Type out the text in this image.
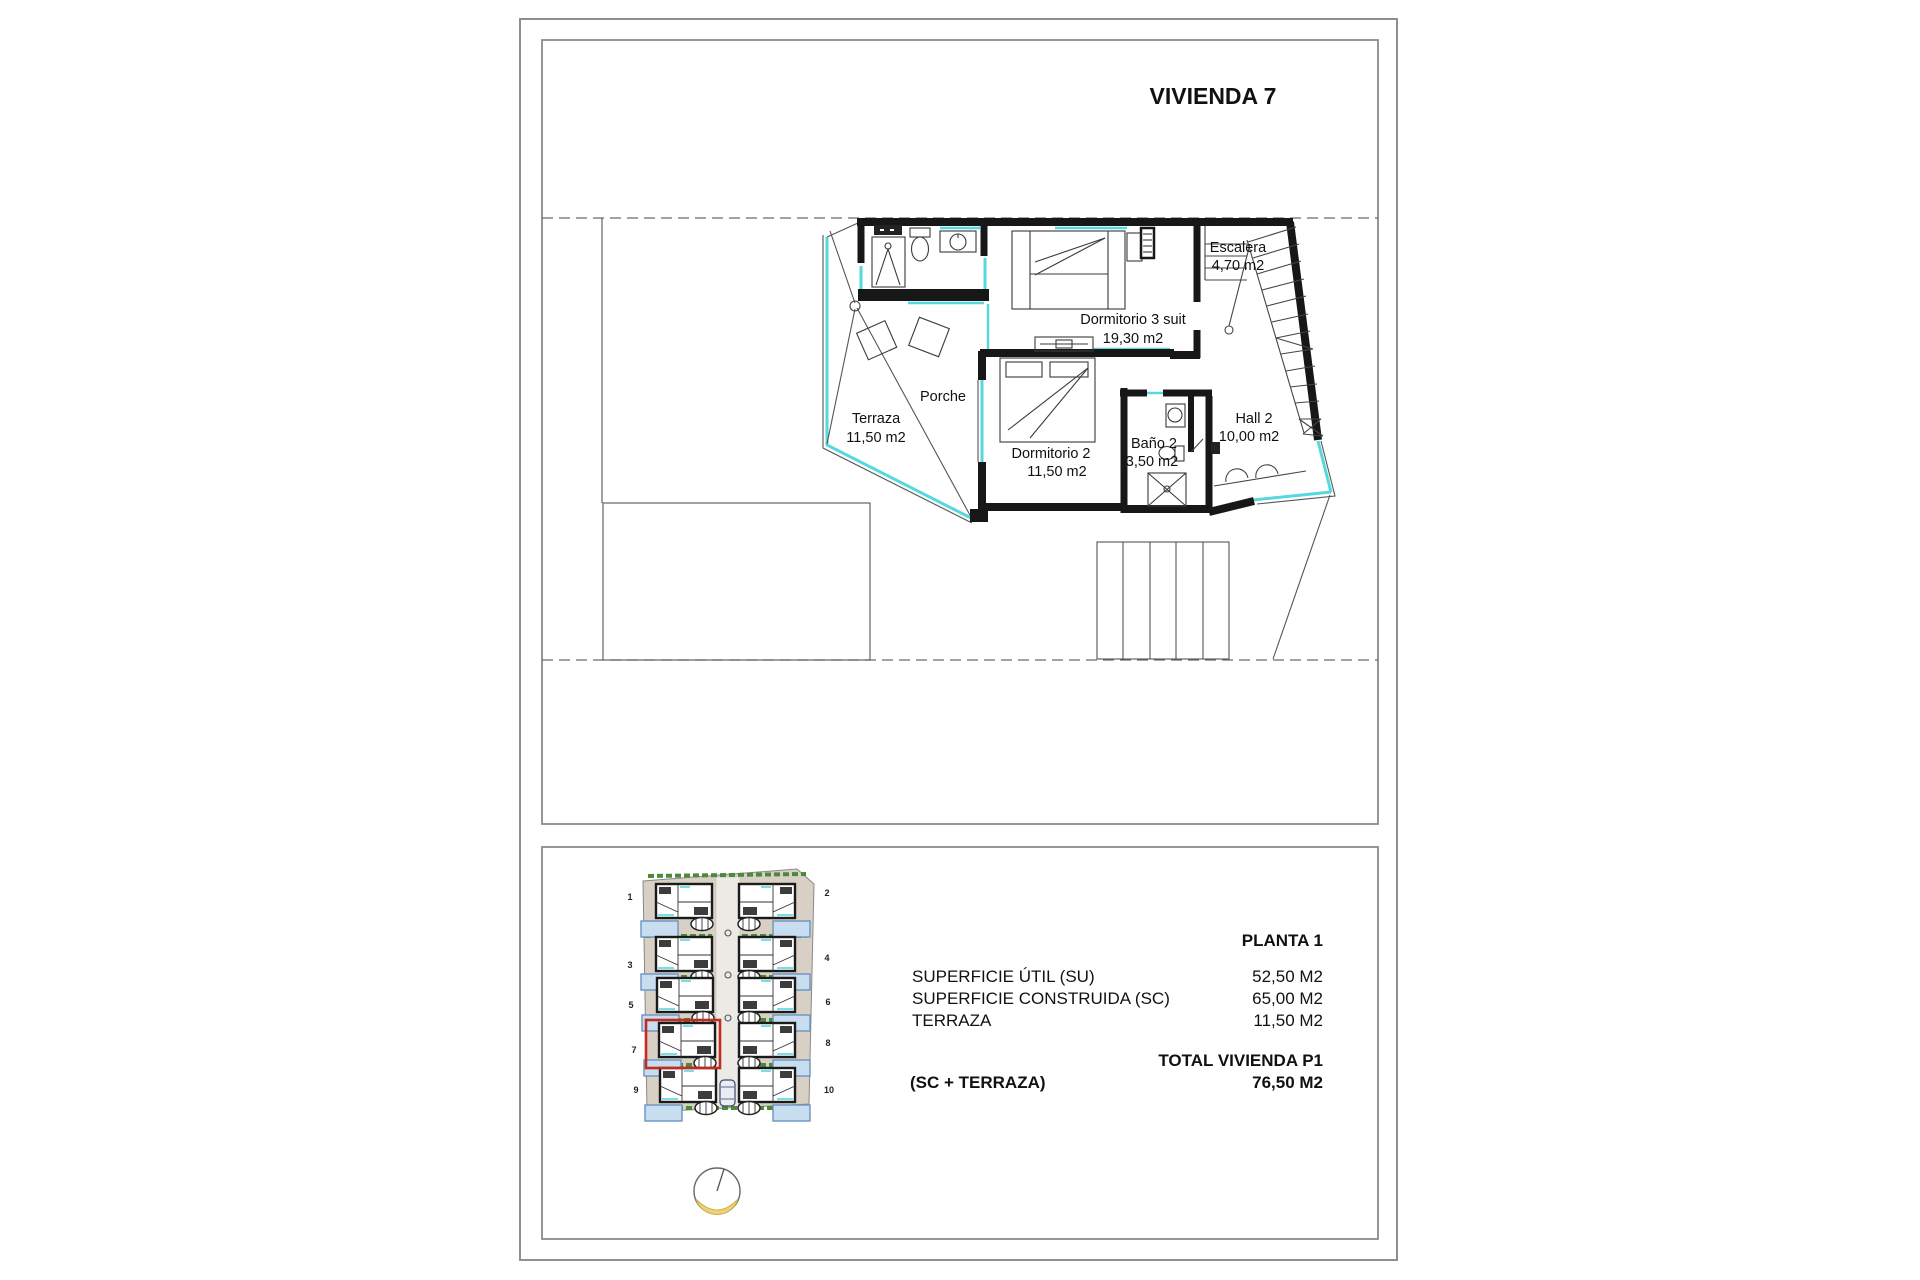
VIVIENDA 7
Terraza
11,50 m2
Porche
Dormitorio 3 suit
19,30 m2
Escalera
4,70 m2
Hall 2
10,00 m2
Baño 2
3,50 m2
Dormitorio 2
11,50 m2
1	2
3
4
5	6
7
8
9	10
PLANTA 1
SUPERFICIE ÚTIL (SU)	52,50 M2
SUPERFICIE CONSTRUIDA (SC)	65,00 M2
TERRAZA	11,50 M2
TOTAL VIVIENDA P1
(SC + TERRAZA)	76,50 M2
